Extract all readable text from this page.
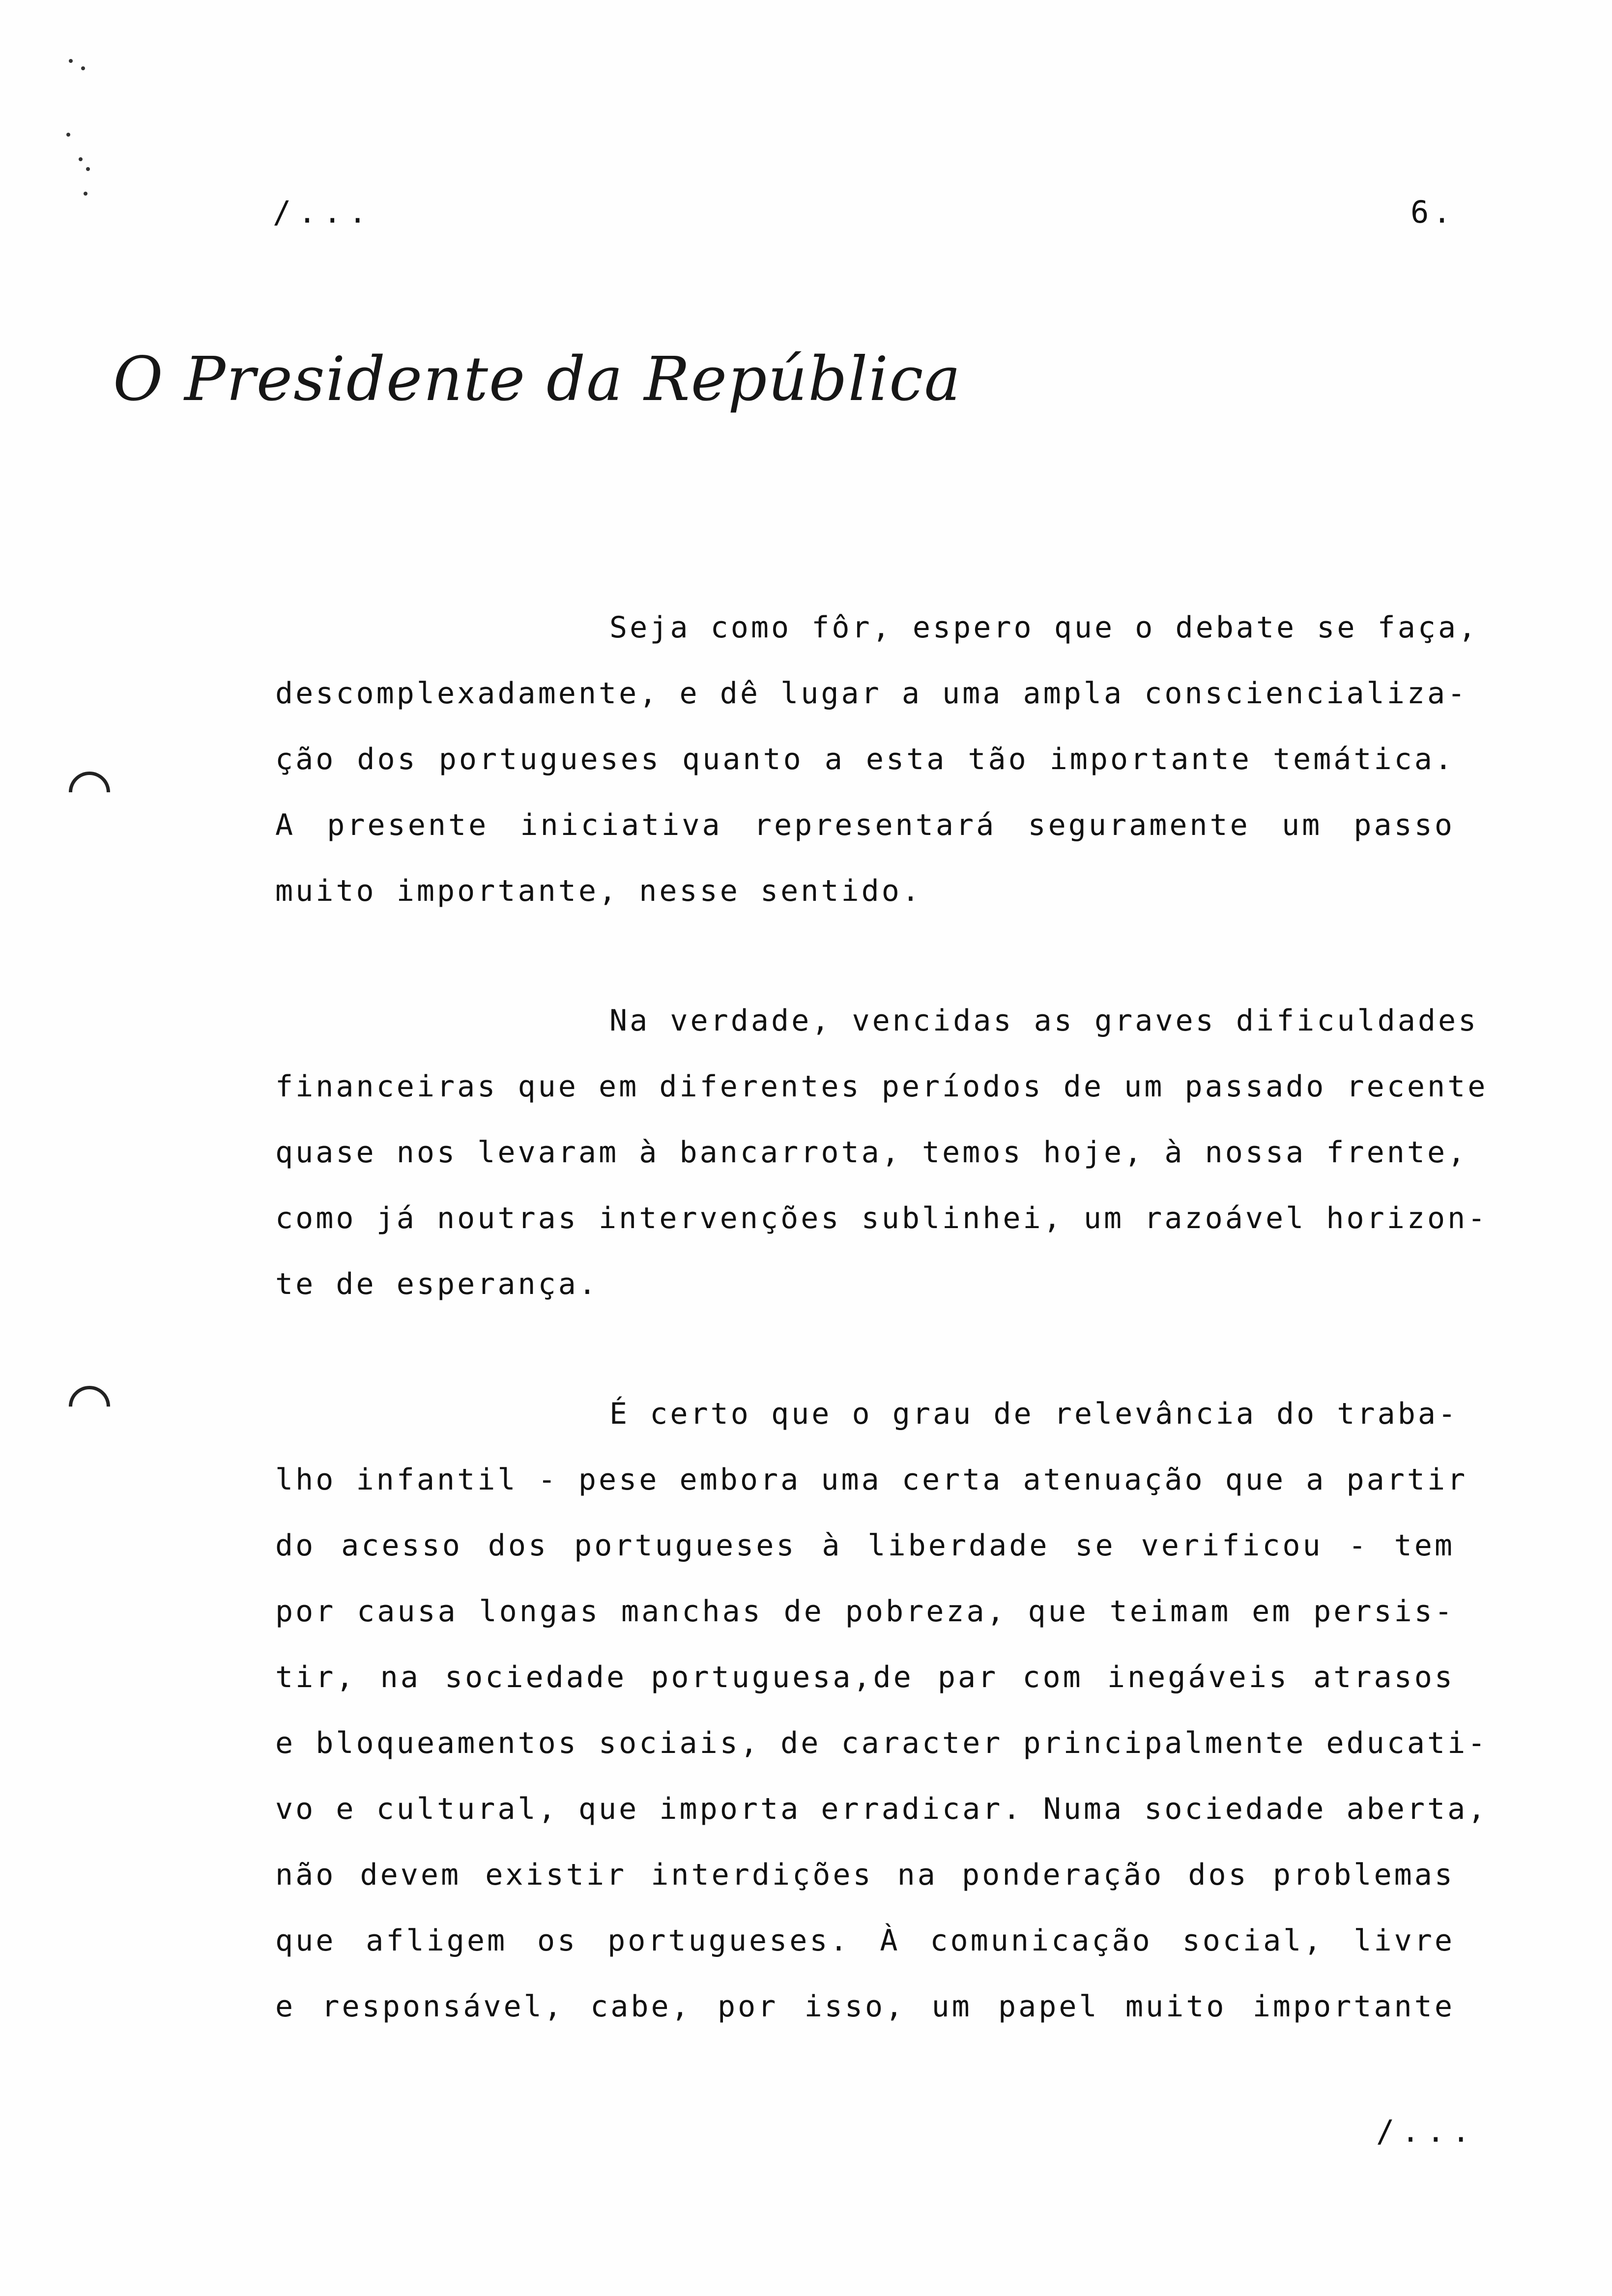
/...	6.
O Presidente da República
Seja como fôr, espero que o debate se faça,
descomplexadamente, e dê lugar a uma ampla consciencializa-
ção dos portugueses quanto a esta tão importante temática.
A presente iniciativa representará seguramente um passo
muito importante, nesse sentido.
Na verdade, vencidas as graves dificuldades
financeiras que em diferentes períodos de um passado recente
quase nos levaram à bancarrota, temos hoje, à nossa frente,
como já noutras intervenções sublinhei, um razoável horizon-
te de esperança.
É certo que o grau de relevância do traba-
lho infantil - pese embora uma certa atenuação que a partir
do acesso dos portugueses à liberdade se verificou - tem
por causa longas manchas de pobreza, que teimam em persis-
tir, na sociedade portuguesa,de par com inegáveis atrasos
e bloqueamentos sociais, de caracter principalmente educati-
vo e cultural, que importa erradicar. Numa sociedade aberta,
não devem existir interdições na ponderação dos problemas
que afligem os portugueses. À comunicação social, livre
e responsável, cabe, por isso, um papel muito importante
/...
